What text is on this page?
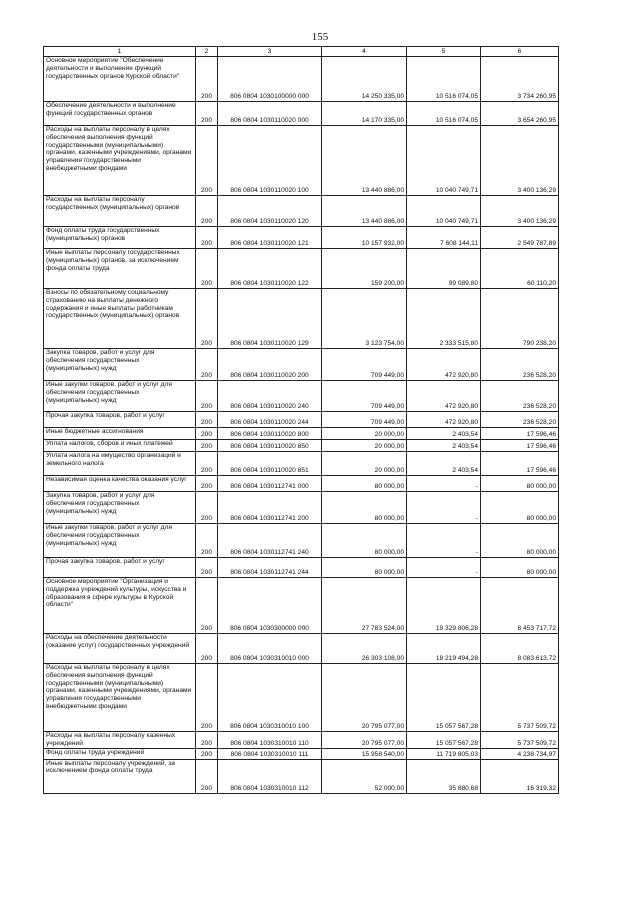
155
1	2	3	4	5	6
Основное мероприятие "Обеспечение деятельности и выполнение функций государственных органов Курской области"	200	806 0804 1030100000 000	14 250 335,00	10 516 074,05	3 734 260,95
Обеспечение деятельности и выполнение функций государственных органов	200	806 0804 1030110020 000	14 170 335,00	10 516 074,05	3 654 260,95
Расходы на выплаты персоналу в целях обеспечения выполнения функций государственными (муниципальными) органами, казенными учреждениями, органами управления государственными внебюджетными фондами	200	806 0804 1030110020 100	13 440 886,00	10 040 749,71	3 400 136,29
Расходы на выплаты персоналу государственных (муниципальных) органов	200	806 0804 1030110020 120	13 440 886,00	10 040 749,71	3 400 136,29
Фонд оплаты труда государственных (муниципальных) органов	200	806 0804 1030110020 121	10 157 932,00	7 608 144,11	2 549 787,89
Иные выплаты персоналу государственных (муниципальных) органов, за исключением фонда оплаты труда	200	806 0804 1030110020 122	159 200,00	99 089,80	60 110,20
Взносы по обязательному социальному страхованию на выплаты денежного содержания и иные выплаты работникам государственных (муниципальных) органов	200	806 0804 1030110020 129	3 123 754,00	2 333 515,80	790 238,20
Закупка товаров, работ и услуг для обеспечения государственных (муниципальных) нужд	200	806 0804 1030110020 200	709 449,00	472 920,80	236 528,20
Иные закупки товаров, работ и услуг для обеспечения государственных (муниципальных) нужд	200	806 0804 1030110020 240	709 449,00	472 920,80	236 528,20
Прочая закупка товаров, работ и услуг	200	806 0804 1030110020 244	709 449,00	472 920,80	236 528,20
Иные бюджетные ассигнования	200	806 0804 1030110020 800	20 000,00	2 403,54	17 596,46
Уплата налогов, сборов и иных платежей	200	806 0804 1030110020 850	20 000,00	2 403,54	17 596,46
Уплата налога на имущество организаций и земельного налога	200	806 0804 1030110020 851	20 000,00	2 403,54	17 596,46
Независимая оценка качества оказания услуг	200	806 0804 1030112741 000	80 000,00	-	80 000,00
Закупка товаров, работ и услуг для обеспечения государственных (муниципальных) нужд	200	806 0804 1030112741 200	80 000,00	-	80 000,00
Иные закупки товаров, работ и услуг для обеспечения государственных (муниципальных) нужд	200	806 0804 1030112741 240	80 000,00	-	80 000,00
Прочая закупка товаров, работ и услуг	200	806 0804 1030112741 244	80 000,00	-	80 000,00
Основное мероприятие "Организация и поддержка учреждений культуры, искусства и образования в сфере культуры в Курской области"	200	806 0804 1030300000 000	27 783 524,00	19 329 806,28	8 453 717,72
Расходы на обеспечение деятельности (оказание услуг) государственных учреждений	200	806 0804 1030310010 000	26 303 108,00	18 219 494,28	8 083 613,72
Расходы на выплаты персоналу в целях обеспечения выполнения функций государственными (муниципальными) органами, казенными учреждениями, органами управления государственными внебюджетными фондами	200	806 0804 1030310010 100	20 795 077,00	15 057 567,28	5 737 509,72
Расходы на выплаты персоналу казенных учреждений	200	806 0804 1030310010 110	20 795 077,00	15 057 567,28	5 737 509,72
Фонд оплаты труда учреждений	200	806 0804 1030310010 111	15 958 540,00	11 719 805,03	4 238 734,97
Иные выплаты персоналу учреждений, за исключением фонда оплаты труда	200	806 0804 1030310010 112	52 000,00	35 880,68	16 319,32
